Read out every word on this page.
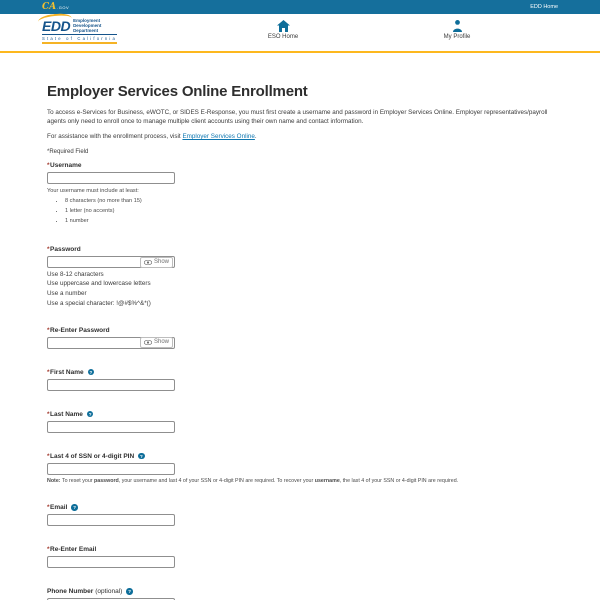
CA .GOV	EDD Home
EDD Employment
Development
Department
State of California	ESO Home	My Profile
Employer Services Online Enrollment

To access e-Services for Business, eWOTC, or SIDES E-Response, you must first create a username and password in Employer Services Online. Employer representatives/payroll agents only need to enroll once to manage multiple client accounts using their own name and contact information.

For assistance with the enrollment process, visit Employer Services Online.

*Required Field

* Username
Your username must include at least:
• 8 characters (no more than 15)
• 1 letter (no accents)
• 1 number
* Password
Show
Use 8-12 characters
Use uppercase and lowercase letters
Use a number
Use a special character: !@#$%^&*()
* Re-Enter Password
Show
* First Name	?
* Last Name	?
* Last 4 of SSN or 4-digit PIN	?
Note: To reset your password, your username and last 4 of your SSN or 4-digit PIN are required. To recover your username, the last 4 of your SSN or 4-digit PIN are required.
* Email	?
* Re-Enter Email
Phone Number (optional)	?
